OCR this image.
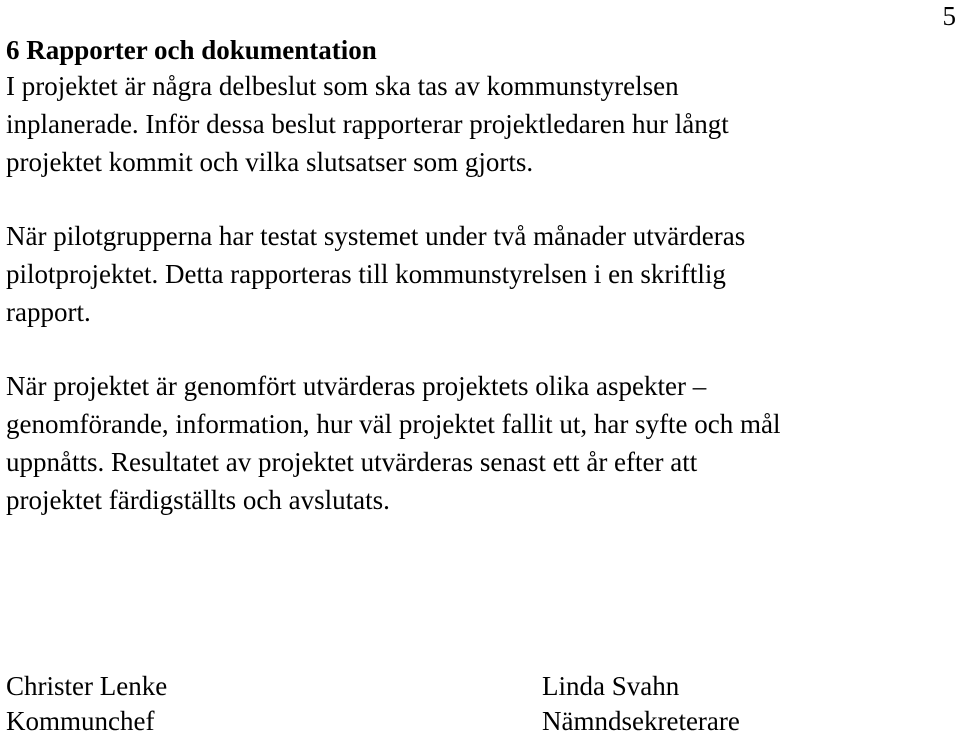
5
6 Rapporter och dokumentation

I projektet är några delbeslut som ska tas av kommunstyrelsen
inplanerade. Inför dessa beslut rapporterar projektledaren hur långt
projektet kommit och vilka slutsatser som gjorts.

När pilotgrupperna har testat systemet under två månader utvärderas
pilotprojektet. Detta rapporteras till kommunstyrelsen i en skriftlig
rapport.

När projektet är genomfört utvärderas projektets olika aspekter –
genomförande, information, hur väl projektet fallit ut, har syfte och mål
uppnåtts. Resultatet av projektet utvärderas senast ett år efter att
projektet färdigställts och avslutats.

Christer Lenke
Kommunchef
Linda Svahn
Nämndsekreterare
